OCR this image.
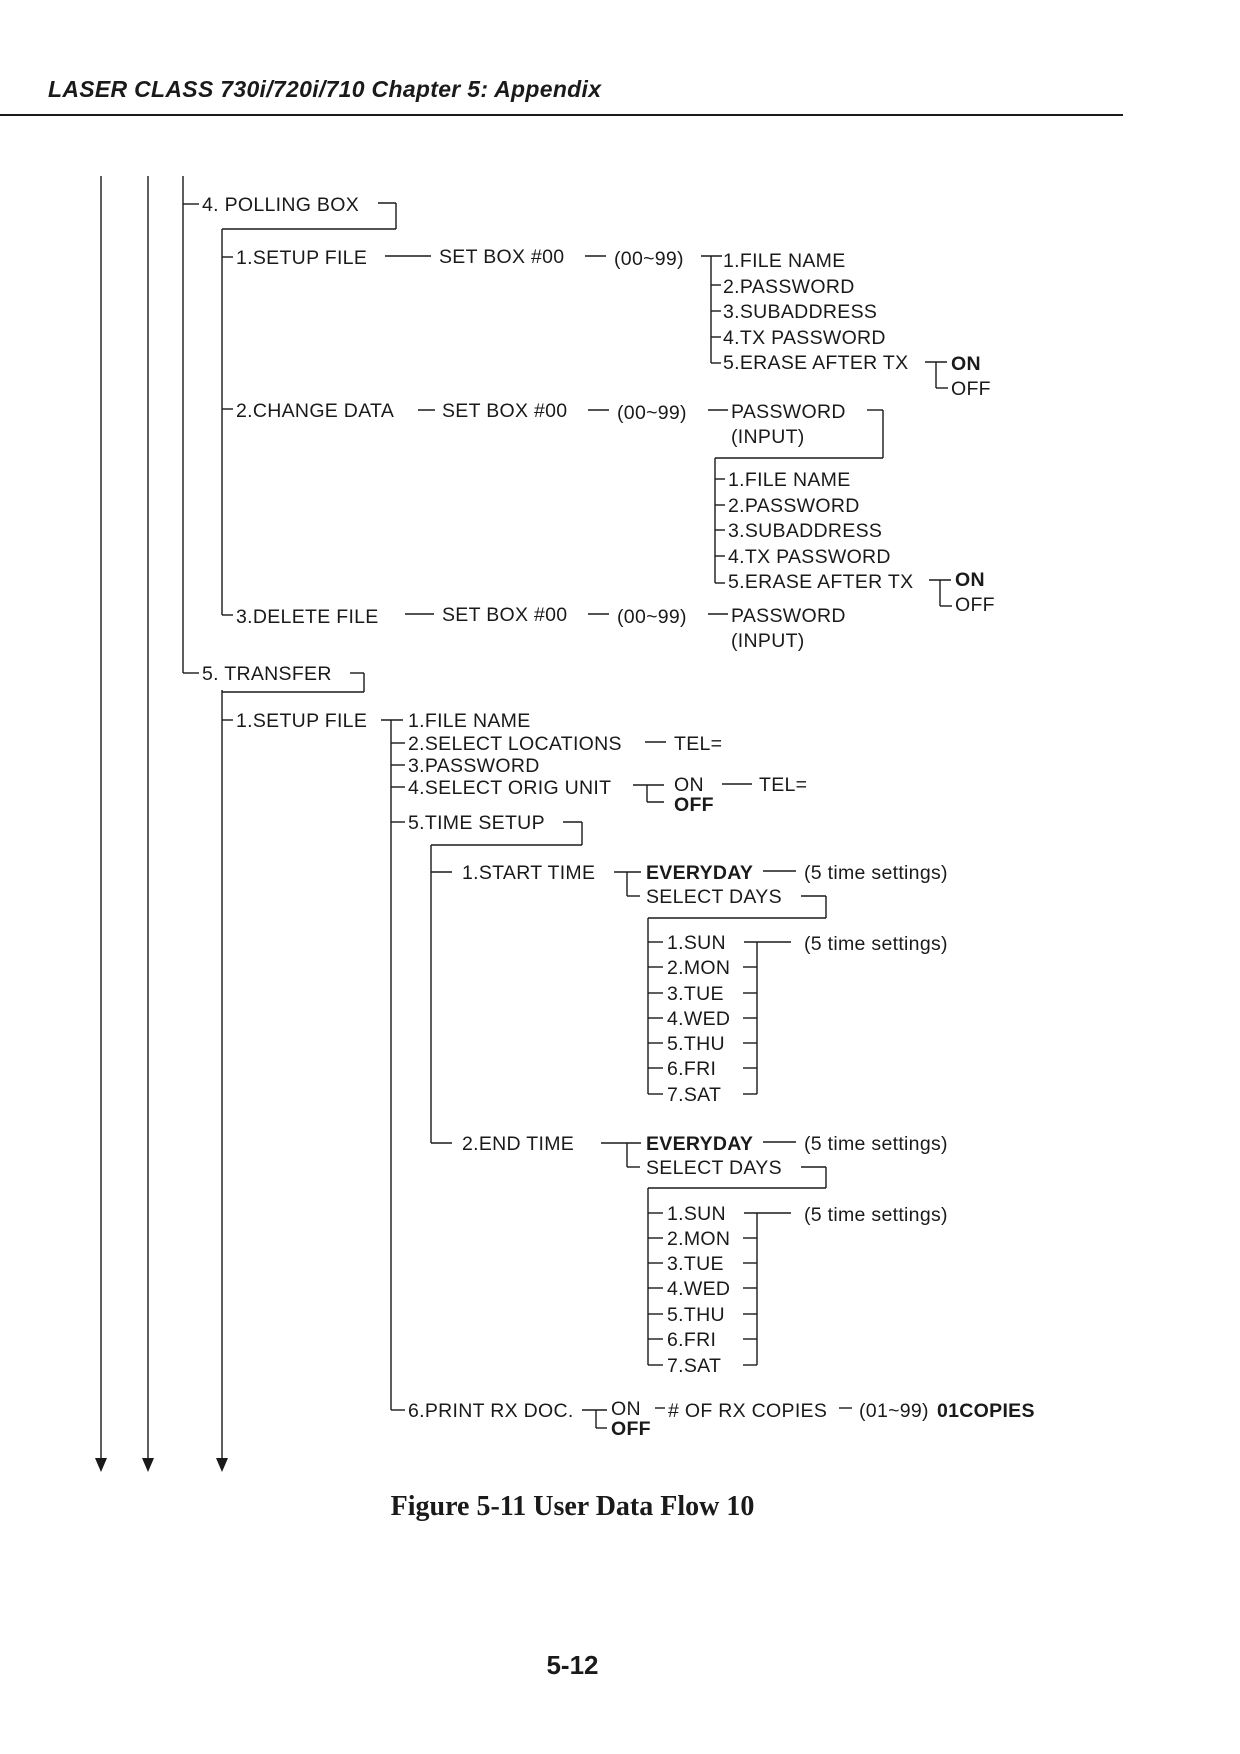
LASER CLASS 730i/720i/710 Chapter 5: Appendix
4. POLLING BOX
1.SETUP FILE	SET BOX #00	(00~99) 1.FILE NAME
2.PASSWORD
3.SUBADDRESS
4.TX PASSWORD
5.ERASE AFTER TX ON
OFF
2.CHANGE DATA SET BOX #00	(00~99) PASSWORD
(INPUT)
1.FILE NAME
2.PASSWORD
3.SUBADDRESS
4.TX PASSWORD
5.ERASE AFTER TX ON
OFF
3.DELETE FILE	SET BOX #00	(00~99) PASSWORD
(INPUT)
5. TRANSFER
1.SETUP FILE 1.FILE NAME
2.SELECT LOCATIONS	TEL=
3.PASSWORD
4.SELECT ORIG UNIT	ON
OFF
TEL=
5.TIME SETUP
1.START TIME	EVERYDAY	(5 time settings)
SELECT DAYS
1.SUN
2.MON
3.TUE
4.WED
5.THU
6.FRI
7.SAT
(5 time settings)
2.END TIME	EVERYDAY	(5 time settings)
SELECT DAYS
1.SUN
2.MON
3.TUE
4.WED
5.THU
6.FRI
7.SAT
(5 time settings)
6.PRINT RX DOC. ON
OFF
# OF RX COPIES (01~99) 01COPIES
Figure 5-11 User Data Flow 10
5-12
